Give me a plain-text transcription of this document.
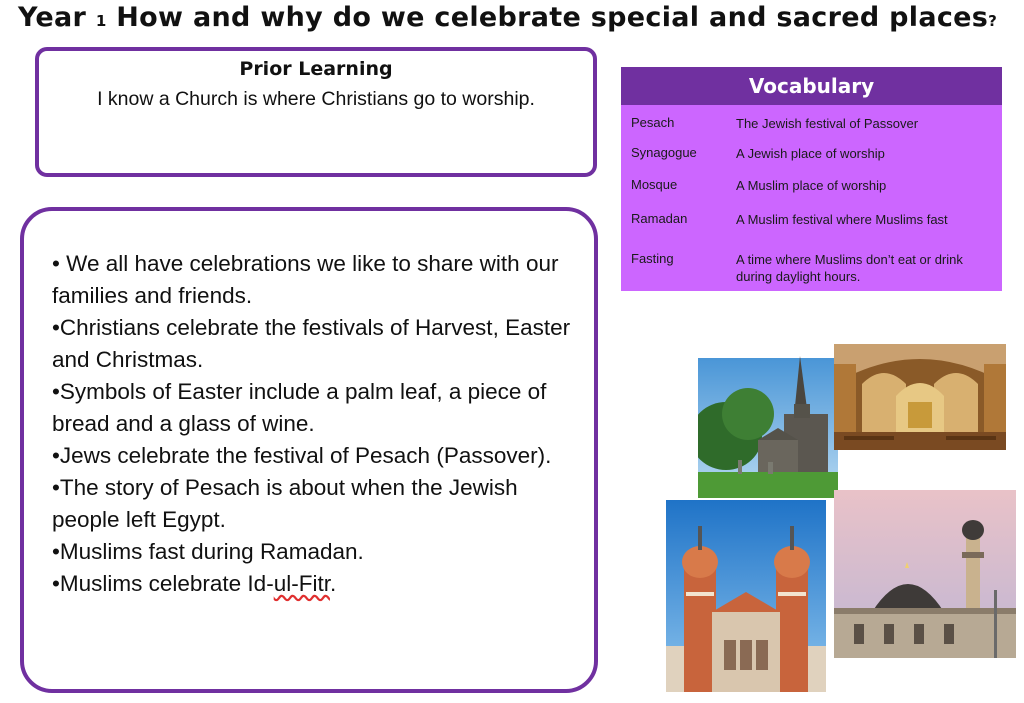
Year 1 How and why do we celebrate special and sacred places?
Prior Learning

I know a Church is where Christians go to worship.

• We all have celebrations we like to share with our families and friends.
•Christians celebrate the festivals of Harvest, Easter and Christmas.
•Symbols of Easter include a palm leaf, a piece of bread and a glass of wine.
•Jews celebrate the festival of Pesach (Passover).
•The story of Pesach is about when the Jewish people left Egypt.
•Muslims fast during Ramadan.
•Muslims celebrate Id-ul-Fitr.
Vocabulary
Pesach	The Jewish festival of Passover
Synagogue	A Jewish place of worship
Mosque	A Muslim place of worship
Ramadan	A Muslim festival where Muslims fast
Fasting	A time where Muslims don’t eat or drink during daylight hours.
